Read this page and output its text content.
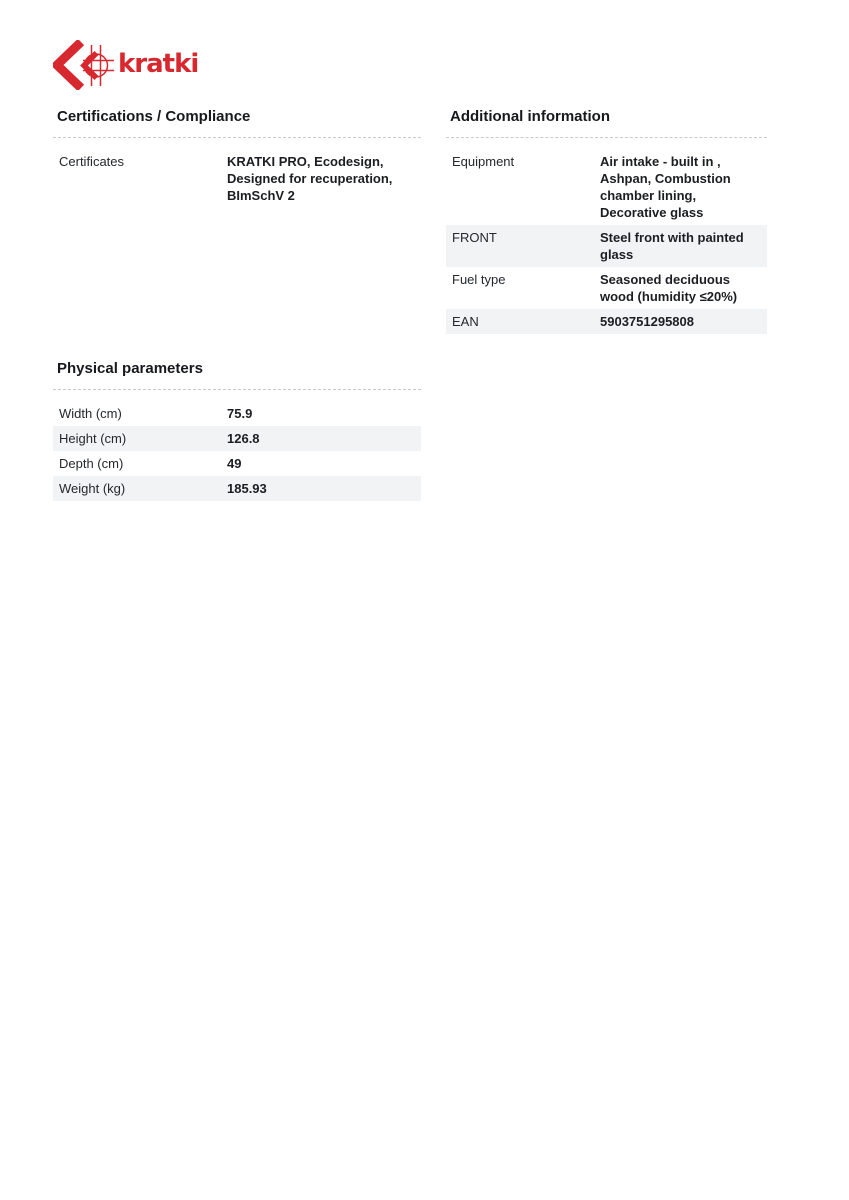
kratki
Certifications / Compliance
Certificates	KRATKI PRO, Ecodesign, Designed for recuperation, BImSchV 2
Additional information
Equipment	Air intake - built in , Ashpan, Combustion chamber lining, Decorative glass
FRONT	Steel front with painted glass
Fuel type	Seasoned deciduous wood (humidity ≤20%)
EAN	5903751295808
Physical parameters
Width (cm)	75.9
Height (cm)	126.8
Depth (cm)	49
Weight (kg)	185.93
